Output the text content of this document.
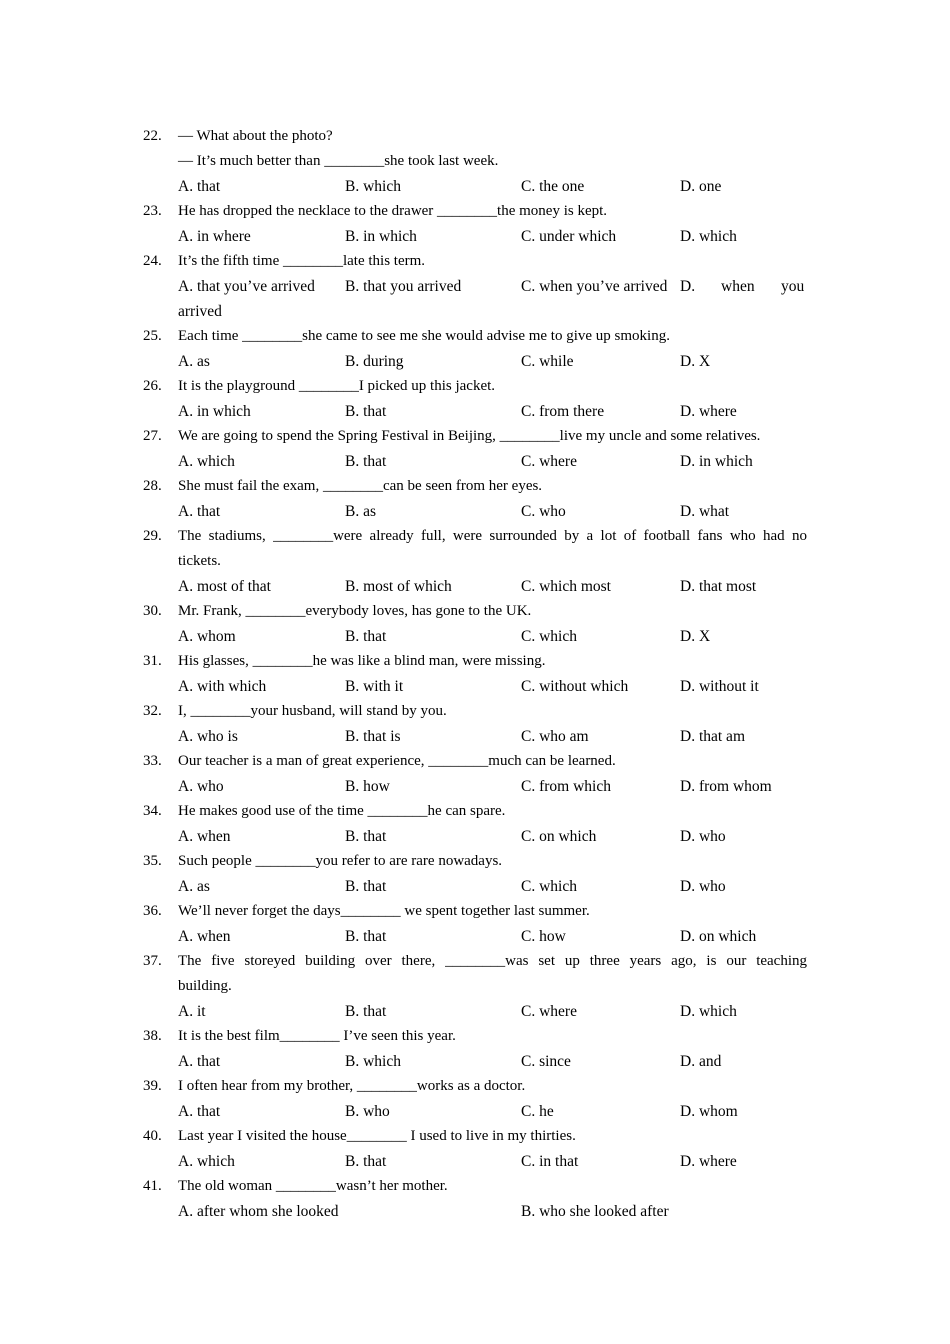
22. — What about the photo?
— It’s much better than ________she took last week.
A. that	B. which	C. the one	D. one
23. He has dropped the necklace to the drawer ________the money is kept.
A. in where	B. in which	C. under which	D. which
24. It’s the fifth time ________late this term.
A. that you’ve arrived B. that you arrived	C. when you’ve arrived D. when you
arrived
25. Each time ________she came to see me she would advise me to give up smoking.
A. as	B. during	C. while	D. X
26. It is the playground ________I picked up this jacket.
A. in which	B. that	C. from there	D. where
27. We are going to spend the Spring Festival in Beijing, ________live my uncle and some relatives.
A. which	B. that	C. where	D. in which
28. She must fail the exam, ________can be seen from her eyes.
A. that	B. as	C. who	D. what
29. The stadiums, ________were already full, were surrounded by a lot of football fans who had no
tickets.
A. most of that	B. most of which	C. which most	D. that most
30. Mr. Frank, ________everybody loves, has gone to the UK.
A. whom	B. that	C. which	D. X
31. His glasses, ________he was like a blind man, were missing.
A. with which	B. with it	C. without which	D. without it
32. I, ________your husband, will stand by you.
A. who is	B. that is	C. who am	D. that am
33. Our teacher is a man of great experience, ________much can be learned.
A. who	B. how	C. from which	D. from whom
34. He makes good use of the time ________he can spare.
A. when	B. that	C. on which	D. who
35. Such people ________you refer to are rare nowadays.
A. as	B. that	C. which	D. who
36. We’ll never forget the days________ we spent together last summer.
A. when	B. that	C. how	D. on which
37. The five storeyed building over there, ________was set up three years ago, is our teaching
building.
A. it	B. that	C. where	D. which
38. It is the best film________ I’ve seen this year.
A. that	B. which	C. since	D. and
39. I often hear from my brother, ________works as a doctor.
A. that	B. who	C. he	D. whom
40. Last year I visited the house________ I used to live in my thirties.
A. which	B. that	C. in that	D. where
41. The old woman ________wasn’t her mother.
A. after whom she looked	B. who she looked after
